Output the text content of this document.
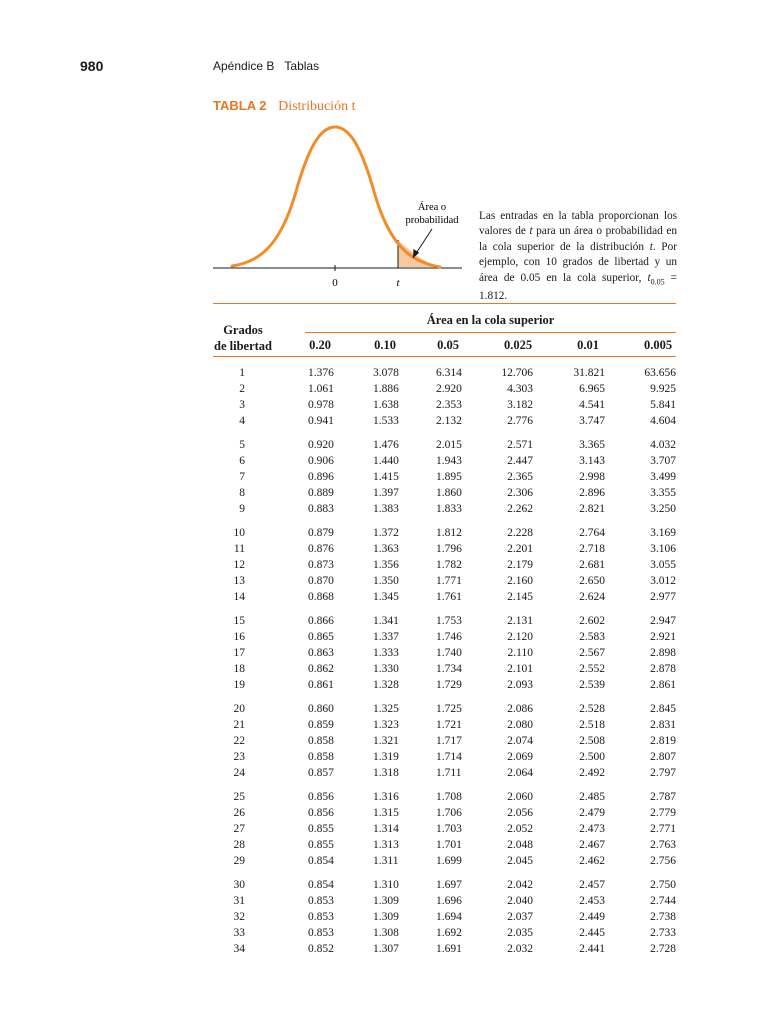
980	Apéndice B Tablas
TABLA 2 Distribución t
Área o
probabilidad
0	t
Las entradas en la tabla proporcionan los valores de t para un área o probabilidad en la cola superior de la distribución t. Por ejemplo, con 10 grados de libertad y un área de 0.05 en la cola superior, $t_{0.05} = 1.812$.
Área en la cola superior
Grados
de libertad	0.20	0.10	0.05	0.025	0.01	0.005
1	1.376	3.078	6.314	12.706	31.821	63.656
2	1.061	1.886	2.920	4.303	6.965	9.925
3	0.978	1.638	2.353	3.182	4.541	5.841
4	0.941	1.533	2.132	2.776	3.747	4.604
5	0.920	1.476	2.015	2.571	3.365	4.032
6	0.906	1.440	1.943	2.447	3.143	3.707
7	0.896	1.415	1.895	2.365	2.998	3.499
8	0.889	1.397	1.860	2.306	2.896	3.355
9	0.883	1.383	1.833	2.262	2.821	3.250
10	0.879	1.372	1.812	2.228	2.764	3.169
11	0.876	1.363	1.796	2.201	2.718	3.106
12	0.873	1.356	1.782	2.179	2.681	3.055
13	0.870	1.350	1.771	2.160	2.650	3.012
14	0.868	1.345	1.761	2.145	2.624	2.977
15	0.866	1.341	1.753	2.131	2.602	2.947
16	0.865	1.337	1.746	2.120	2.583	2.921
17	0.863	1.333	1.740	2.110	2.567	2.898
18	0.862	1.330	1.734	2.101	2.552	2.878
19	0.861	1.328	1.729	2.093	2.539	2.861
20	0.860	1.325	1.725	2.086	2.528	2.845
21	0.859	1.323	1.721	2.080	2.518	2.831
22	0.858	1.321	1.717	2.074	2.508	2.819
23	0.858	1.319	1.714	2.069	2.500	2.807
24	0.857	1.318	1.711	2.064	2.492	2.797
25	0.856	1.316	1.708	2.060	2.485	2.787
26	0.856	1.315	1.706	2.056	2.479	2.779
27	0.855	1.314	1.703	2.052	2.473	2.771
28	0.855	1.313	1.701	2.048	2.467	2.763
29	0.854	1.311	1.699	2.045	2.462	2.756
30	0.854	1.310	1.697	2.042	2.457	2.750
31	0.853	1.309	1.696	2.040	2.453	2.744
32	0.853	1.309	1.694	2.037	2.449	2.738
33	0.853	1.308	1.692	2.035	2.445	2.733
34	0.852	1.307	1.691	2.032	2.441	2.728
